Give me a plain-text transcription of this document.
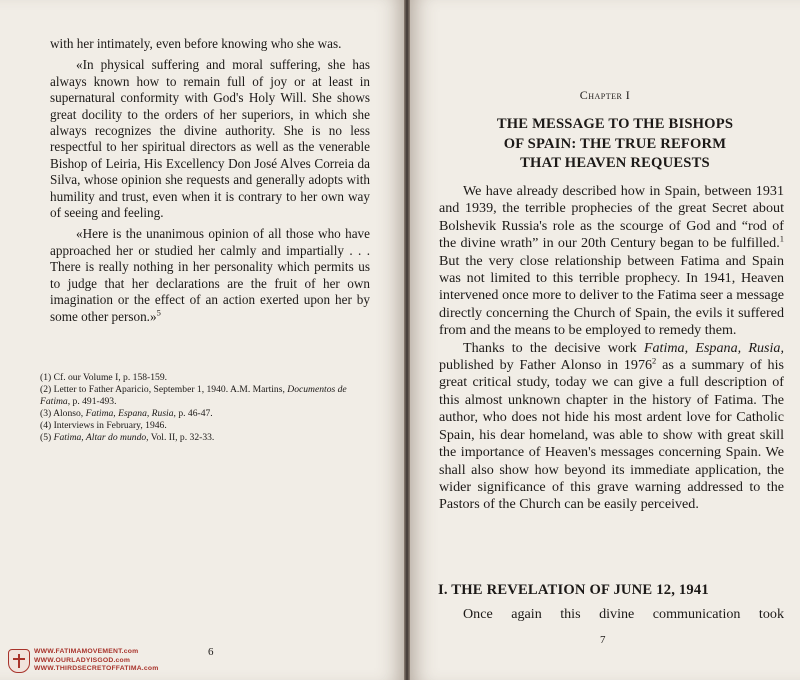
with her intimately, even before knowing who she was.

«In physical suffering and moral suffering, she has always known how to remain full of joy or at least in supernatural conformity with God's Holy Will. She shows great docility to the orders of her superiors, in which she always recognizes the divine authority. She is no less respectful to her spiritual directors as well as the venerable Bishop of Leiria, His Excellency Don José Alves Correia da Silva, whose opinion she requests and generally adopts with humility and trust, even when it is contrary to her own way of seeing and feeling.

«Here is the unanimous opinion of all those who have approached her or studied her calmly and impartially . . . There is really nothing in her personality which permits us to judge that her declarations are the fruit of her own imagination or the effect of an action exerted upon her by some other person.»$^5$

(1) Cf. our Volume I, p. 158-159.

(2) Letter to Father Aparicio, September 1, 1940. A.M. Martins, Documentos de Fatima, p. 491-493.

(3) Alonso, Fatima, Espana, Rusia, p. 46-47.

(4) Interviews in February, 1946.

(5) Fatima, Altar do mundo, Vol. II, p. 32-33.

6
WWW.FATIMAMOVEMENT.com
WWW.OURLADYISGOD.com
WWW.THIRDSECRETOFFATIMA.com
Chapter I
THE MESSAGE TO THE BISHOPS
OF SPAIN: THE TRUE REFORM
THAT HEAVEN REQUESTS

We have already described how in Spain, between 1931 and 1939, the terrible prophecies of the great Secret about Bolshevik Russia's role as the scourge of God and “rod of the divine wrath” in our 20th Century began to be fulfilled.$^1$ But the very close relationship between Fatima and Spain was not limited to this terrible prophecy. In 1941, Heaven intervened once more to deliver to the Fatima seer a message directly concerning the Church of Spain, the evils it suffered from and the means to be employed to remedy them.

Thanks to the decisive work Fatima, Espana, Rusia, published by Father Alonso in 1976$^2$ as a summary of his great critical study, today we can give a full description of this almost unknown chapter in the history of Fatima. The author, who does not hide his most ardent love for Catholic Spain, his dear homeland, was able to show with great skill the importance of Heaven's messages concerning Spain. We shall also show how beyond its immediate application, the wider significance of this grave warning addressed to the Pastors of the Church can be easily perceived.

I. THE REVELATION OF JUNE 12, 1941
Once again this divine communication took
7
